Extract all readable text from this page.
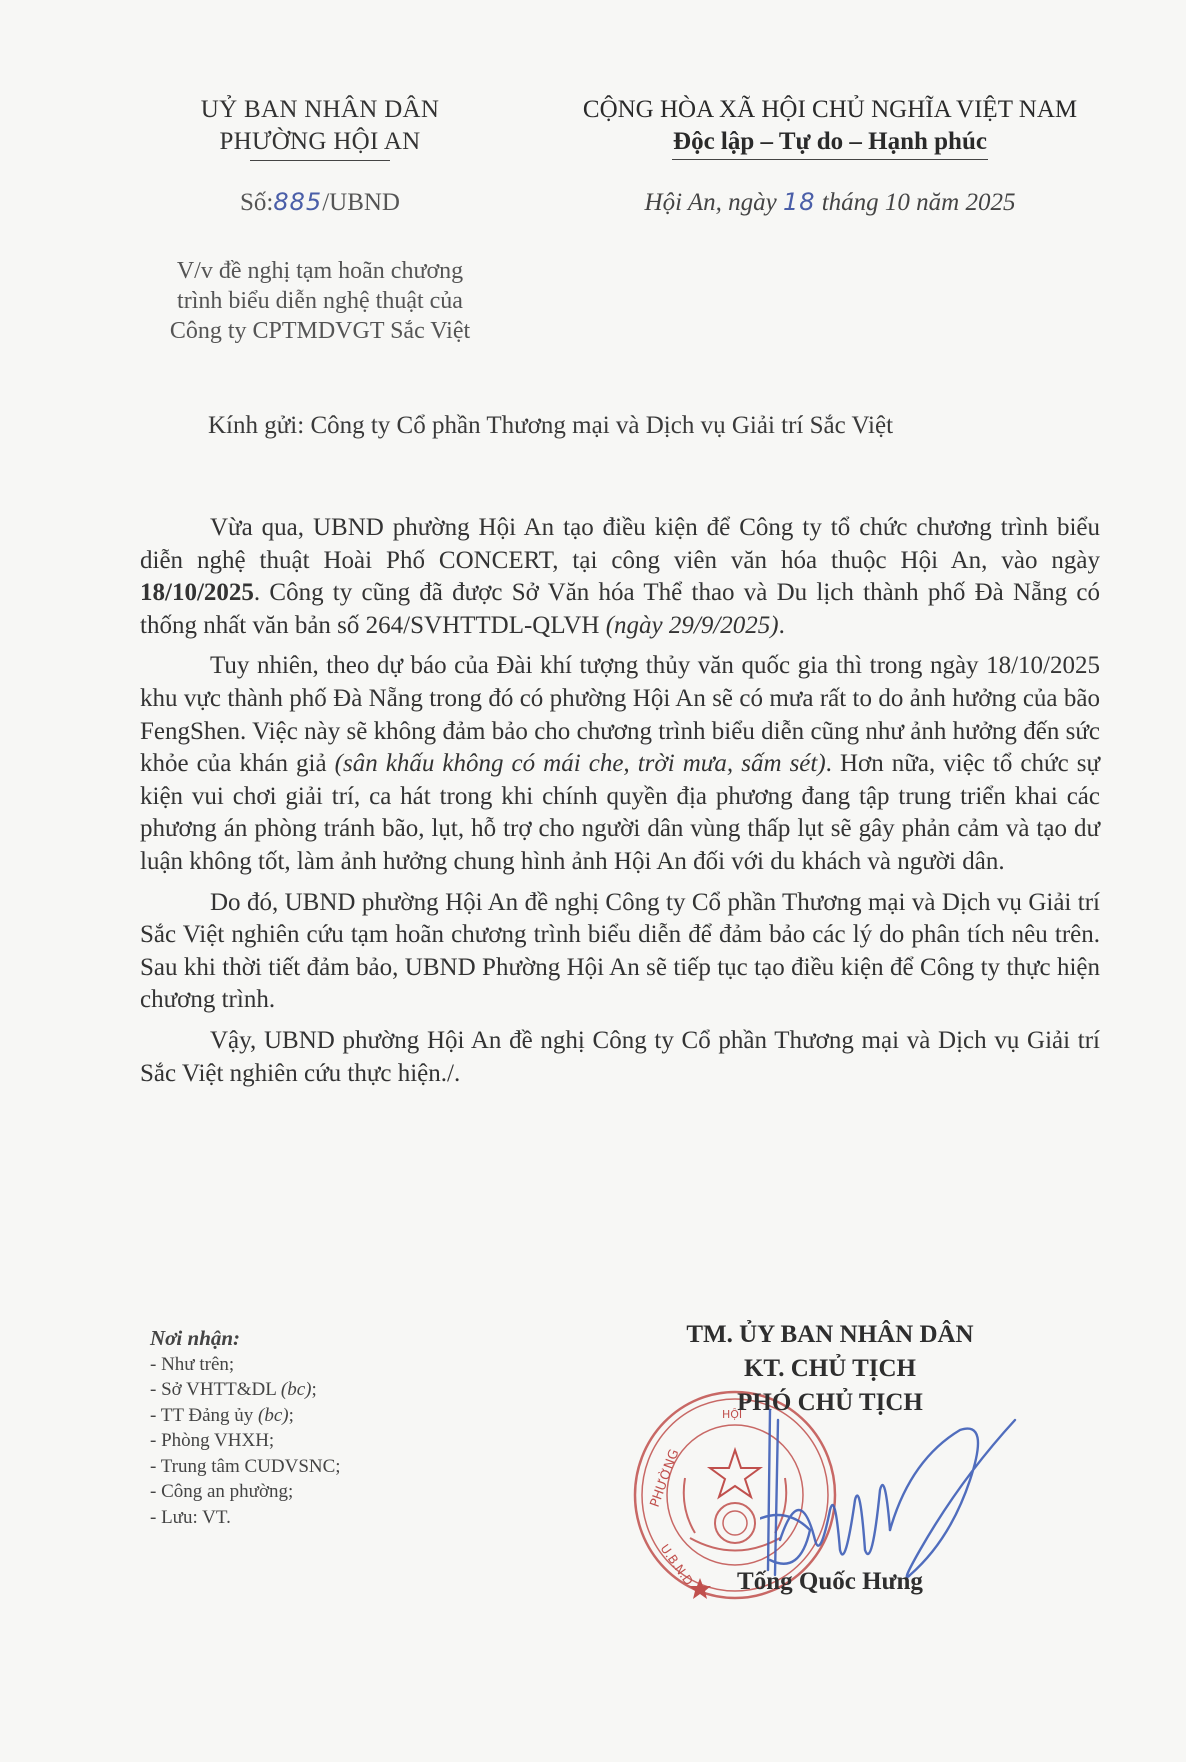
UỶ BAN NHÂN DÂN
PHƯỜNG HỘI AN
Số:885/UBND
CỘNG HÒA XÃ HỘI CHỦ NGHĨA VIỆT NAM
Độc lập – Tự do – Hạnh phúc
Hội An, ngày 18 tháng 10 năm 2025
V/v đề nghị tạm hoãn chương
trình biểu diễn nghệ thuật của
Công ty CPTMDVGT Sắc Việt
Kính gửi: Công ty Cổ phần Thương mại và Dịch vụ Giải trí Sắc Việt

Vừa qua, UBND phường Hội An tạo điều kiện để Công ty tổ chức chương trình biểu diễn nghệ thuật Hoài Phố CONCERT, tại công viên văn hóa thuộc Hội An, vào ngày 18/10/2025. Công ty cũng đã được Sở Văn hóa Thể thao và Du lịch thành phố Đà Nẵng có thống nhất văn bản số 264/SVHTTDL-QLVH (ngày 29/9/2025).

Tuy nhiên, theo dự báo của Đài khí tượng thủy văn quốc gia thì trong ngày 18/10/2025 khu vực thành phố Đà Nẵng trong đó có phường Hội An sẽ có mưa rất to do ảnh hưởng của bão FengShen. Việc này sẽ không đảm bảo cho chương trình biểu diễn cũng như ảnh hưởng đến sức khỏe của khán giả (sân khấu không có mái che, trời mưa, sấm sét). Hơn nữa, việc tổ chức sự kiện vui chơi giải trí, ca hát trong khi chính quyền địa phương đang tập trung triển khai các phương án phòng tránh bão, lụt, hỗ trợ cho người dân vùng thấp lụt sẽ gây phản cảm và tạo dư luận không tốt, làm ảnh hưởng chung hình ảnh Hội An đối với du khách và người dân.

Do đó, UBND phường Hội An đề nghị Công ty Cổ phần Thương mại và Dịch vụ Giải trí Sắc Việt nghiên cứu tạm hoãn chương trình biểu diễn để đảm bảo các lý do phân tích nêu trên. Sau khi thời tiết đảm bảo, UBND Phường Hội An sẽ tiếp tục tạo điều kiện để Công ty thực hiện chương trình.

Vậy, UBND phường Hội An đề nghị Công ty Cổ phần Thương mại và Dịch vụ Giải trí Sắc Việt nghiên cứu thực hiện./.

Nơi nhận:
- Như trên;
- Sở VHTT&DL (bc);
- TT Đảng ủy (bc);
- Phòng VHXH;
- Trung tâm CUDVSNC;
- Công an phường;
- Lưu: VT.
PHƯỜNG
HỘI
U.B.N.D
TM. ỦY BAN NHÂN DÂN
KT. CHỦ TỊCH
PHÓ CHỦ TỊCH
Tống Quốc Hưng
